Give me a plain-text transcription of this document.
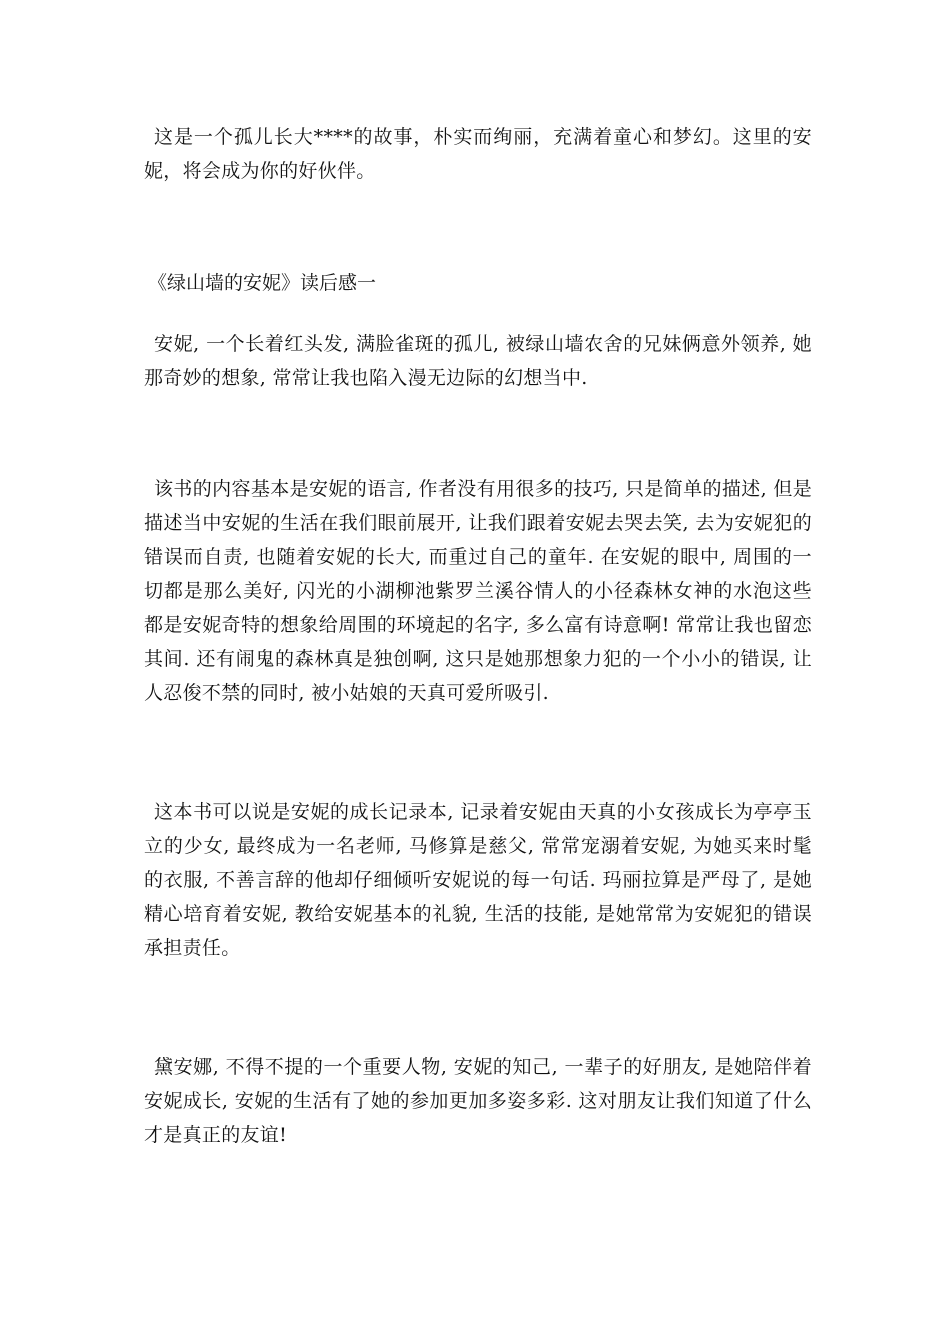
这是一个孤儿长大****的故事，朴实而绚丽，充满着童心和梦幻。这里的安妮，将会成为你的好伙伴。

《绿山墙的安妮》读后感一

安妮, 一个长着红头发, 满脸雀斑的孤儿, 被绿山墙农舍的兄妹俩意外领养, 她那奇妙的想象, 常常让我也陷入漫无边际的幻想当中.

该书的内容基本是安妮的语言, 作者没有用很多的技巧, 只是简单的描述, 但是描述当中安妮的生活在我们眼前展开, 让我们跟着安妮去哭去笑, 去为安妮犯的错误而自责, 也随着安妮的长大, 而重过自己的童年. 在安妮的眼中, 周围的一切都是那么美好, 闪光的小湖柳池紫罗兰溪谷情人的小径森林女神的水泡这些都是安妮奇特的想象给周围的环境起的名字, 多么富有诗意啊! 常常让我也留恋其间. 还有闹鬼的森林真是独创啊, 这只是她那想象力犯的一个小小的错误, 让人忍俊不禁的同时, 被小姑娘的天真可爱所吸引.

这本书可以说是安妮的成长记录本, 记录着安妮由天真的小女孩成长为亭亭玉立的少女, 最终成为一名老师, 马修算是慈父, 常常宠溺着安妮, 为她买来时髦的衣服, 不善言辞的他却仔细倾听安妮说的每一句话. 玛丽拉算是严母了, 是她精心培育着安妮, 教给安妮基本的礼貌, 生活的技能, 是她常常为安妮犯的错误承担责任。

黛安娜, 不得不提的一个重要人物, 安妮的知己, 一辈子的好朋友, 是她陪伴着安妮成长, 安妮的生活有了她的参加更加多姿多彩. 这对朋友让我们知道了什么才是真正的友谊!
